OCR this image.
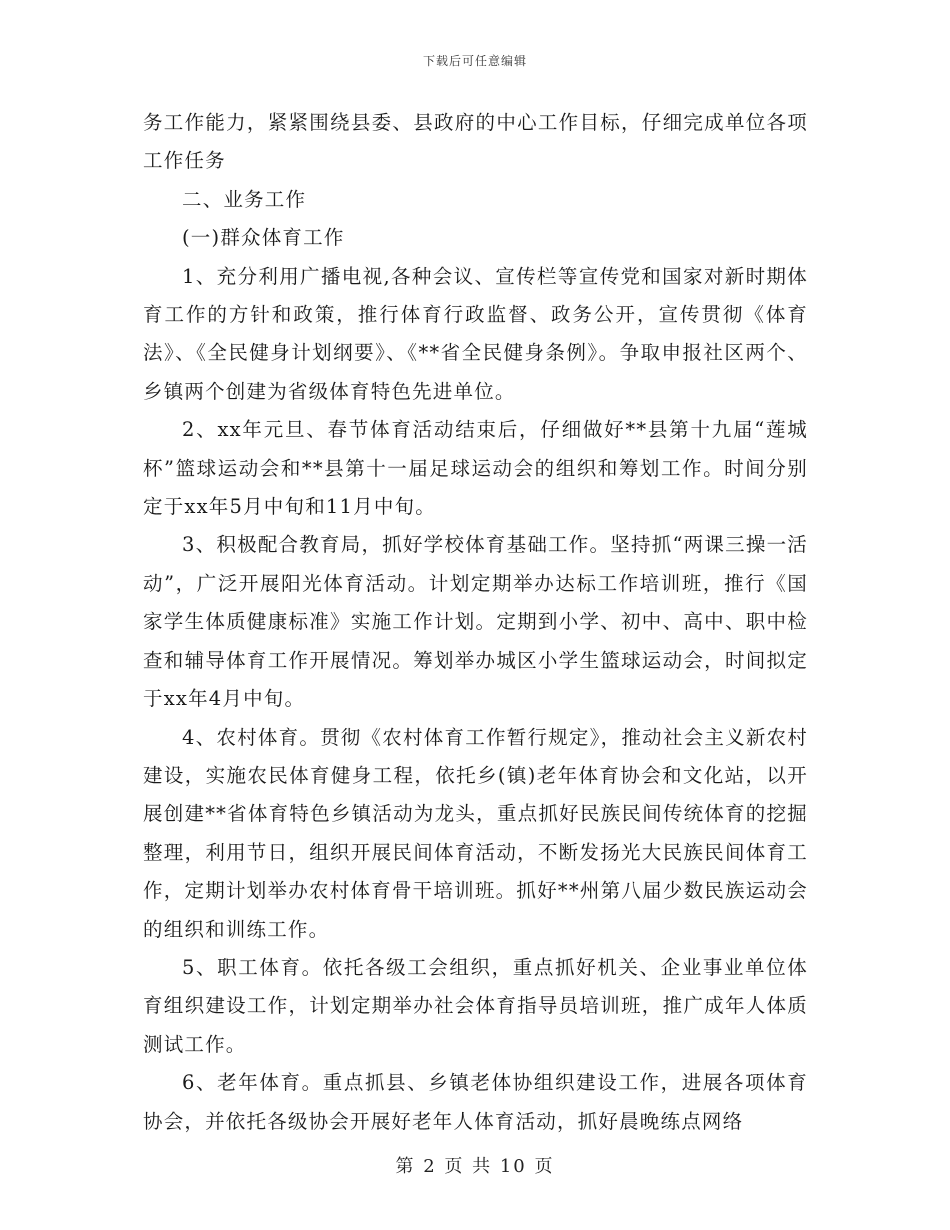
下载后可任意编辑

务工作能力，紧紧围绕县委、县政府的中心工作目标，仔细完成单位各项工作任务

二、业务工作

(一)群众体育工作

1、充分利用广播电视,各种会议、宣传栏等宣传党和国家对新时期体育工作的方针和政策，推行体育行政监督、政务公开，宣传贯彻《体育法》、《全民健身计划纲要》、《**省全民健身条例》。争取申报社区两个、乡镇两个创建为省级体育特色先进单位。

2、xx年元旦、春节体育活动结束后，仔细做好**县第十九届“莲城杯”篮球运动会和**县第十一届足球运动会的组织和筹划工作。时间分别定于xx年5月中旬和11月中旬。

3、积极配合教育局，抓好学校体育基础工作。坚持抓“两课三操一活动”，广泛开展阳光体育活动。计划定期举办达标工作培训班，推行《国家学生体质健康标准》实施工作计划。定期到小学、初中、高中、职中检查和辅导体育工作开展情况。筹划举办城区小学生篮球运动会，时间拟定于xx年4月中旬。

4、农村体育。贯彻《农村体育工作暂行规定》，推动社会主义新农村建设，实施农民体育健身工程，依托乡(镇)老年体育协会和文化站，以开展创建**省体育特色乡镇活动为龙头，重点抓好民族民间传统体育的挖掘整理，利用节日，组织开展民间体育活动，不断发扬光大民族民间体育工作，定期计划举办农村体育骨干培训班。抓好**州第八届少数民族运动会的组织和训练工作。

5、职工体育。依托各级工会组织，重点抓好机关、企业事业单位体育组织建设工作，计划定期举办社会体育指导员培训班，推广成年人体质测试工作。

6、老年体育。重点抓县、乡镇老体协组织建设工作，进展各项体育协会，并依托各级协会开展好老年人体育活动，抓好晨晚练点网络

第 2 页 共 10 页
